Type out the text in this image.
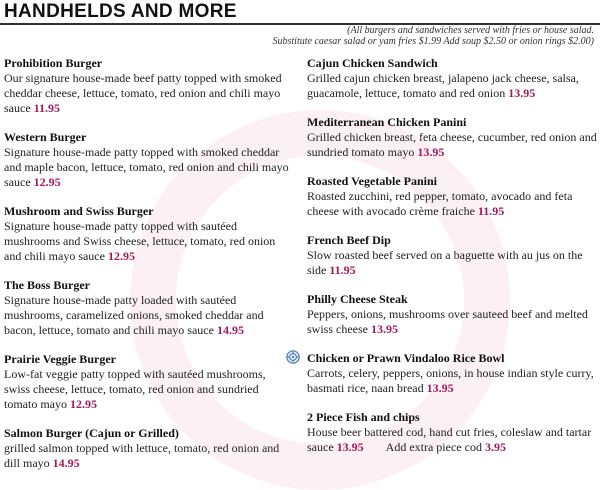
HANDHELDS AND MORE
(All burgers and sandwiches served with fries or house salad.
Substitute caesar salad or yam fries $1.99 Add soup $2.50 or onion rings $2.00)
Prohibition Burger
Our signature house-made beef patty topped with smoked cheddar cheese, lettuce, tomato, red onion and chili mayo sauce 11.95
Western Burger
Signature house-made patty topped with smoked cheddar and maple bacon, lettuce, tomato, red onion and chili mayo sauce 12.95
Mushroom and Swiss Burger
Signature house-made patty topped with sautéed mushrooms and Swiss cheese, lettuce, tomato, red onion and chili mayo sauce 12.95
The Boss Burger
Signature house-made patty loaded with sautéed mushrooms, caramelized onions, smoked cheddar and bacon, lettuce, tomato and chili mayo sauce 14.95
Prairie Veggie Burger
Low-fat veggie patty topped with sautéed mushrooms, swiss cheese, lettuce, tomato, red onion and sundried tomato mayo 12.95
Salmon Burger (Cajun or Grilled)
grilled salmon topped with lettuce, tomato, red onion and dill mayo 14.95
Cajun Chicken Sandwich
Grilled cajun chicken breast, jalapeno jack cheese, salsa, guacamole, lettuce, tomato and red onion 13.95
Mediterranean Chicken Panini
Grilled chicken breast, feta cheese, cucumber, red onion and sundried tomato mayo 13.95
Roasted Vegetable Panini
Roasted zucchini, red pepper, tomato, avocado and feta cheese with avocado crème fraiche 11.95
French Beef Dip
Slow roasted beef served on a baguette with au jus on the side 11.95
Philly Cheese Steak
Peppers, onions, mushrooms over sauteed beef and melted swiss cheese 13.95
Chicken or Prawn Vindaloo Rice Bowl
Carrots, celery, peppers, onions, in house indian style curry, basmati rice, naan bread 13.95
2 Piece Fish and chips
House beer battered cod, hand cut fries, coleslaw and tartar sauce 13.95 Add extra piece cod 3.95
